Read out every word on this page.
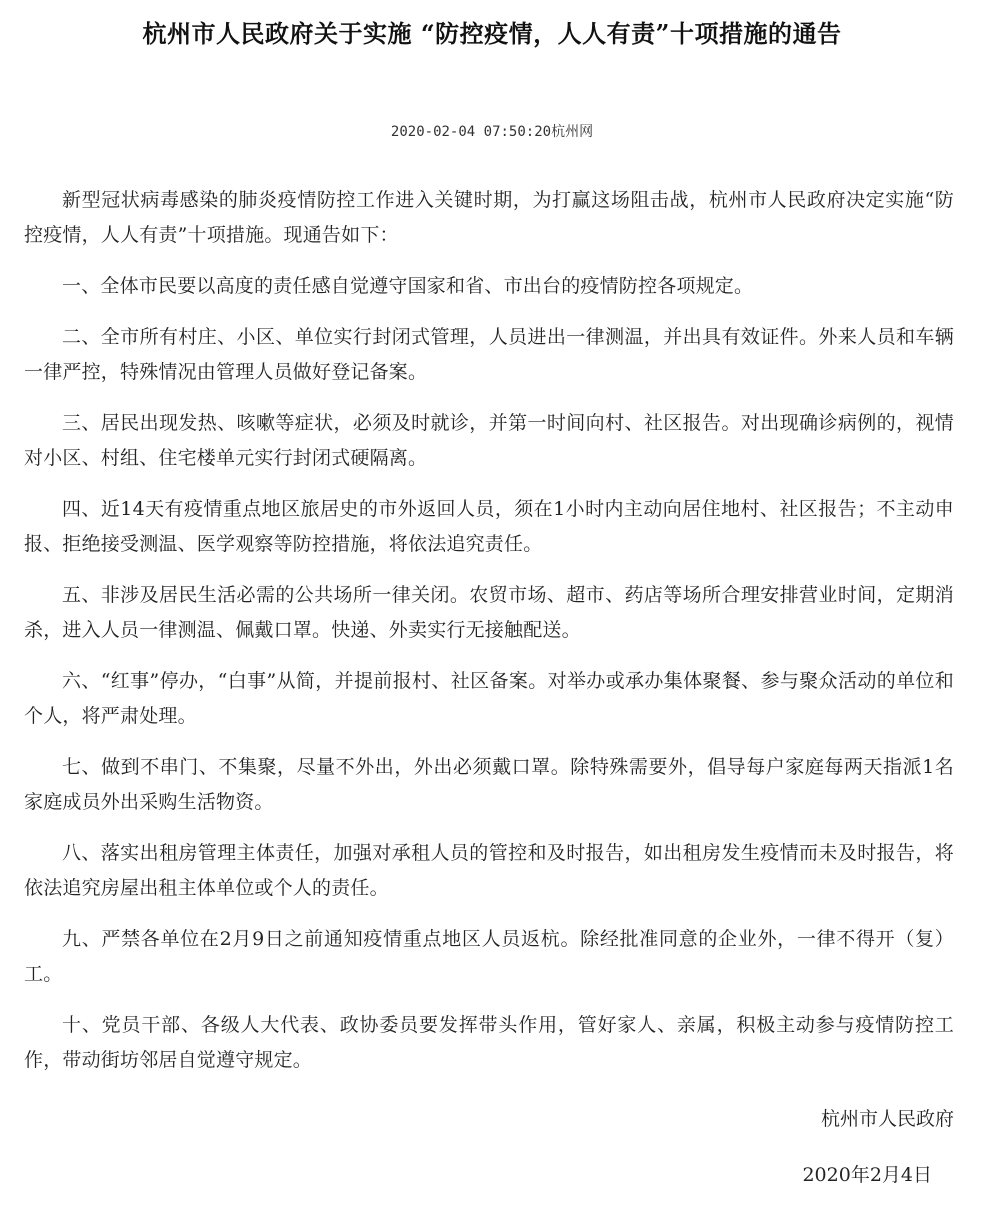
杭州市人民政府关于实施 “防控疫情，人人有责”十项措施的通告
2020-02-04 07:50:20杭州网

新型冠状病毒感染的肺炎疫情防控工作进入关键时期，为打赢这场阻击战，杭州市人民政府决定实施“防控疫情，人人有责”十项措施。现通告如下：

一、全体市民要以高度的责任感自觉遵守国家和省、市出台的疫情防控各项规定。

二、全市所有村庄、小区、单位实行封闭式管理，人员进出一律测温，并出具有效证件。外来人员和车辆一律严控，特殊情况由管理人员做好登记备案。

三、居民出现发热、咳嗽等症状，必须及时就诊，并第一时间向村、社区报告。对出现确诊病例的，视情对小区、村组、住宅楼单元实行封闭式硬隔离。

四、近14天有疫情重点地区旅居史的市外返回人员，须在1小时内主动向居住地村、社区报告；不主动申报、拒绝接受测温、医学观察等防控措施，将依法追究责任。

五、非涉及居民生活必需的公共场所一律关闭。农贸市场、超市、药店等场所合理安排营业时间，定期消杀，进入人员一律测温、佩戴口罩。快递、外卖实行无接触配送。

六、“红事”停办，“白事”从简，并提前报村、社区备案。对举办或承办集体聚餐、参与聚众活动的单位和个人，将严肃处理。

七、做到不串门、不集聚，尽量不外出，外出必须戴口罩。除特殊需要外，倡导每户家庭每两天指派1名家庭成员外出采购生活物资。

八、落实出租房管理主体责任，加强对承租人员的管控和及时报告，如出租房发生疫情而未及时报告，将依法追究房屋出租主体单位或个人的责任。

九、严禁各单位在2月9日之前通知疫情重点地区人员返杭。除经批准同意的企业外，一律不得开（复）工。

十、党员干部、各级人大代表、政协委员要发挥带头作用，管好家人、亲属，积极主动参与疫情防控工作，带动街坊邻居自觉遵守规定。

杭州市人民政府
2020年2月4日
